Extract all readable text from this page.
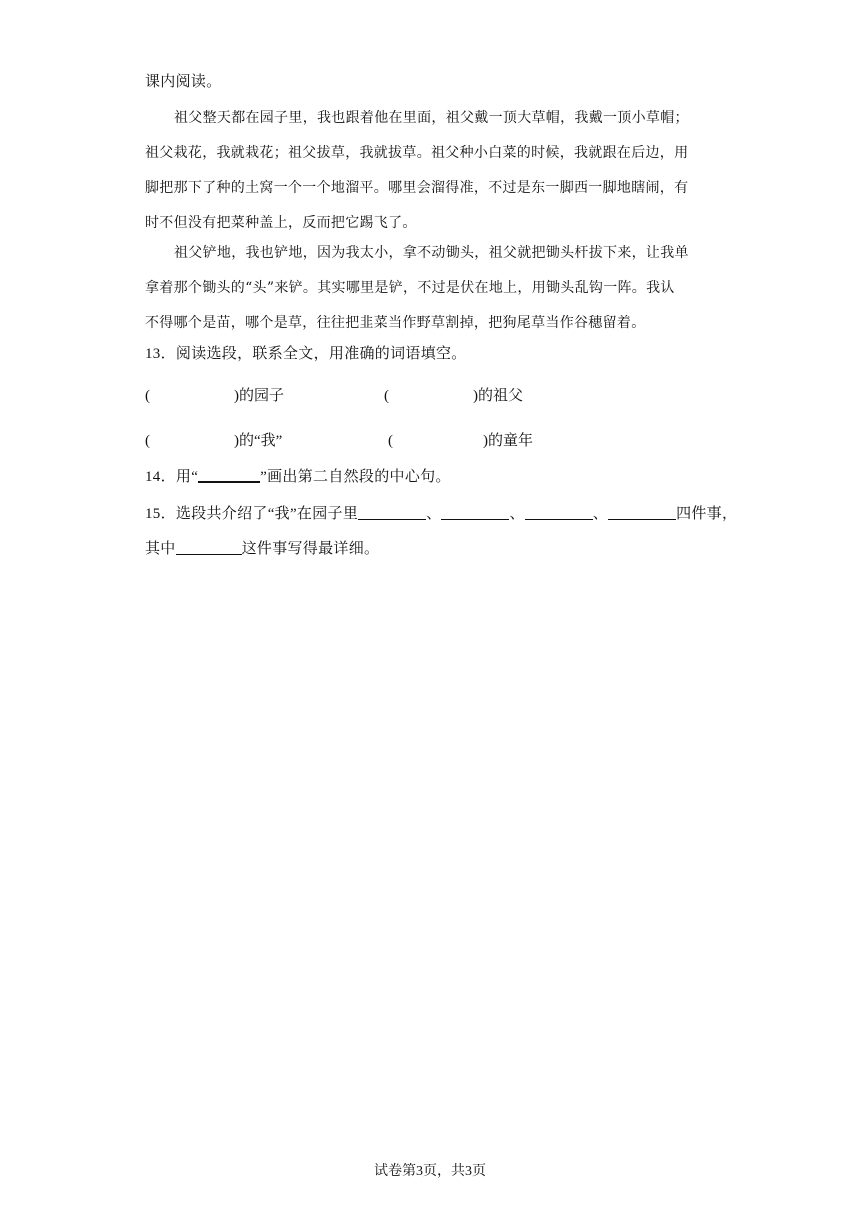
课内阅读。
祖父整天都在园子里，我也跟着他在里面，祖父戴一顶大草帽，我戴一顶小草帽；
祖父栽花，我就栽花；祖父拔草，我就拔草。祖父种小白菜的时候，我就跟在后边，用
脚把那下了种的土窝一个一个地溜平。哪里会溜得准，不过是东一脚西一脚地瞎闹，有
时不但没有把菜种盖上，反而把它踢飞了。
祖父铲地，我也铲地，因为我太小，拿不动锄头，祖父就把锄头杆拔下来，让我单
拿着那个锄头的“头”来铲。其实哪里是铲，不过是伏在地上，用锄头乱钩一阵。我认
不得哪个是苗，哪个是草，往往把韭菜当作野草割掉，把狗尾草当作谷穗留着。
13．阅读选段，联系全文，用准确的词语填空。
(	)的园子	(	)的祖父
(	)的“我”	(	)的童年
14．用“	”画出第二自然段的中心句。
15．选段共介绍了“我”在园子里	、	、	、	四件事，
其中	这件事写得最详细。
试卷第3页，共3页
